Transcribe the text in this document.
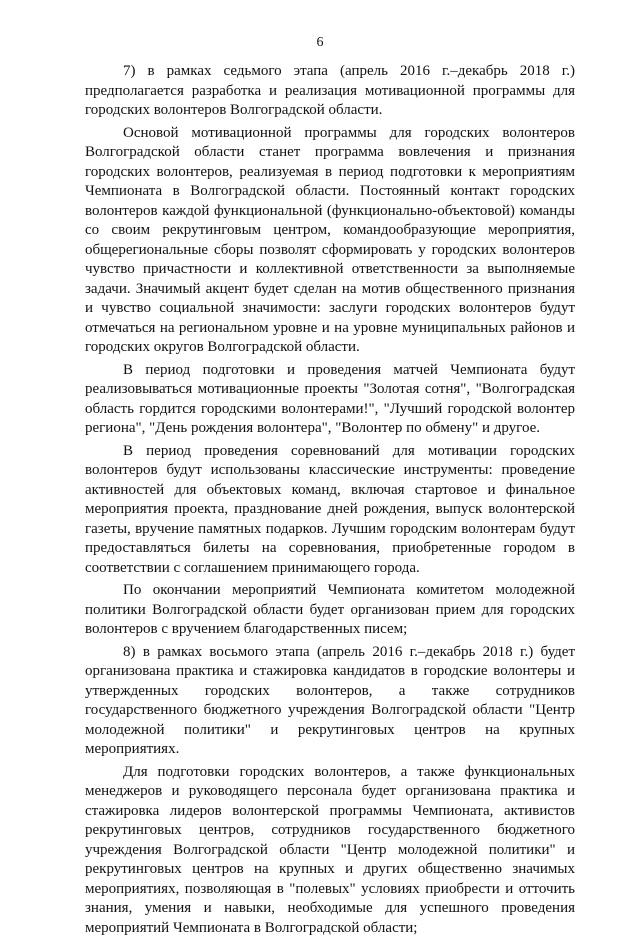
6

7) в рамках седьмого этапа (апрель 2016 г.–декабрь 2018 г.) предполагается разработка и реализация мотивационной программы для городских волонтеров Волгоградской области.

Основой мотивационной программы для городских волонтеров Волгоградской области станет программа вовлечения и признания городских волонтеров, реализуемая в период подготовки к мероприятиям Чемпионата в Волгоградской области. Постоянный контакт городских волонтеров каждой функциональной (функционально-объектовой) команды со своим рекрутинговым центром, командообразующие мероприятия, общерегиональные сборы позволят сформировать у городских волонтеров чувство причастности и коллективной ответственности за выполняемые задачи. Значимый акцент будет сделан на мотив общественного признания и чувство социальной значимости: заслуги городских волонтеров будут отмечаться на региональном уровне и на уровне муниципальных районов и городских округов Волгоградской области.

В период подготовки и проведения матчей Чемпионата будут реализовываться мотивационные проекты "Золотая сотня", "Волгоградская область гордится городскими волонтерами!", "Лучший городской волонтер региона", "День рождения волонтера", "Волонтер по обмену" и другое.

В период проведения соревнований для мотивации городских волонтеров будут использованы классические инструменты: проведение активностей для объектовых команд, включая стартовое и финальное мероприятия проекта, празднование дней рождения, выпуск волонтерской газеты, вручение памятных подарков. Лучшим городским волонтерам будут предоставляться билеты на соревнования, приобретенные городом в соответствии с соглашением принимающего города.

По окончании мероприятий Чемпионата комитетом молодежной политики Волгоградской области будет организован прием для городских волонтеров с вручением благодарственных писем;

8) в рамках восьмого этапа (апрель 2016 г.–декабрь 2018 г.) будет организована практика и стажировка кандидатов в городские волонтеры и утвержденных городских волонтеров, а также сотрудников государственного бюджетного учреждения Волгоградской области "Центр молодежной политики" и рекрутинговых центров на крупных мероприятиях.

Для подготовки городских волонтеров, а также функциональных менеджеров и руководящего персонала будет организована практика и стажировка лидеров волонтерской программы Чемпионата, активистов рекрутинговых центров, сотрудников государственного бюджетного учреждения Волгоградской области "Центр молодежной политики" и рекрутинговых центров на крупных и других общественно значимых мероприятиях, позволяющая в "полевых" условиях приобрести и отточить знания, умения и навыки, необходимые для успешного проведения мероприятий Чемпионата в Волгоградской области;
